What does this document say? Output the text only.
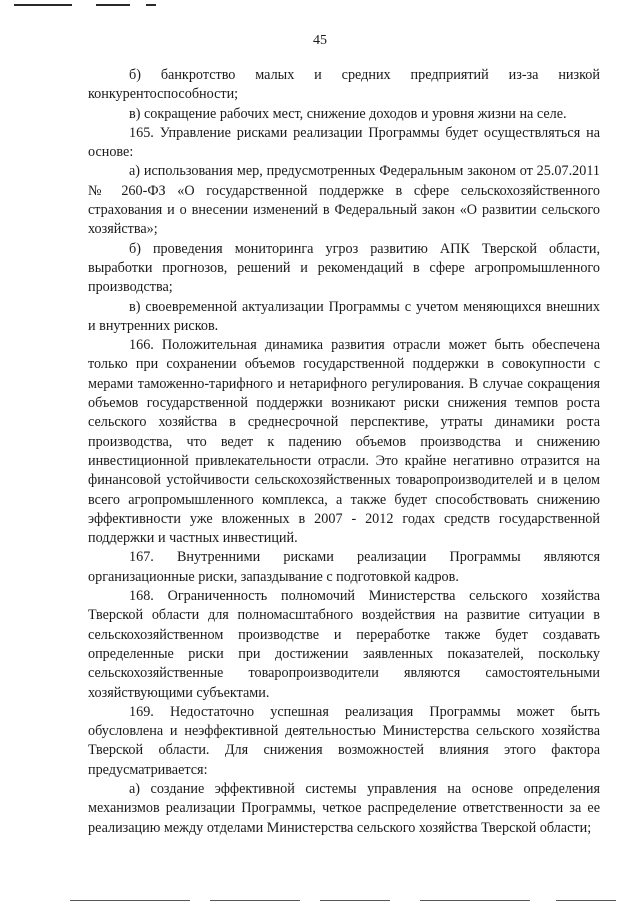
45

б) банкротство малых и средних предприятий из-за низкой конкурентоспособности;

в) сокращение рабочих мест, снижение доходов и уровня жизни на селе.

165. Управление рисками реализации Программы будет осуществляться на основе:

а) использования мер, предусмотренных Федеральным законом от 25.07.2011 № 260-ФЗ «О государственной поддержке в сфере сельскохозяйственного страхования и о внесении изменений в Федеральный закон «О развитии сельского хозяйства»;

б) проведения мониторинга угроз развитию АПК Тверской области, выработки прогнозов, решений и рекомендаций в сфере агропромышленного производства;

в) своевременной актуализации Программы с учетом меняющихся внешних и внутренних рисков.

166. Положительная динамика развития отрасли может быть обеспечена только при сохранении объемов государственной поддержки в совокупности с мерами таможенно-тарифного и нетарифного регулирования. В случае сокращения объемов государственной поддержки возникают риски снижения темпов роста сельского хозяйства в среднесрочной перспективе, утраты динамики роста производства, что ведет к падению объемов производства и снижению инвестиционной привлекательности отрасли. Это крайне негативно отразится на финансовой устойчивости сельскохозяйственных товаропроизводителей и в целом всего агропромышленного комплекса, а также будет способствовать снижению эффективности уже вложенных в 2007 - 2012 годах средств государственной поддержки и частных инвестиций.

167. Внутренними рисками реализации Программы являются организационные риски, запаздывание с подготовкой кадров.

168. Ограниченность полномочий Министерства сельского хозяйства Тверской области для полномасштабного воздействия на развитие ситуации в сельскохозяйственном производстве и переработке также будет создавать определенные риски при достижении заявленных показателей, поскольку сельскохозяйственные товаропроизводители являются самостоятельными хозяйствующими субъектами.

169. Недостаточно успешная реализация Программы может быть обусловлена и неэффективной деятельностью Министерства сельского хозяйства Тверской области. Для снижения возможностей влияния этого фактора предусматривается:

а) создание эффективной системы управления на основе определения механизмов реализации Программы, четкое распределение ответственности за ее реализацию между отделами Министерства сельского хозяйства Тверской области;
